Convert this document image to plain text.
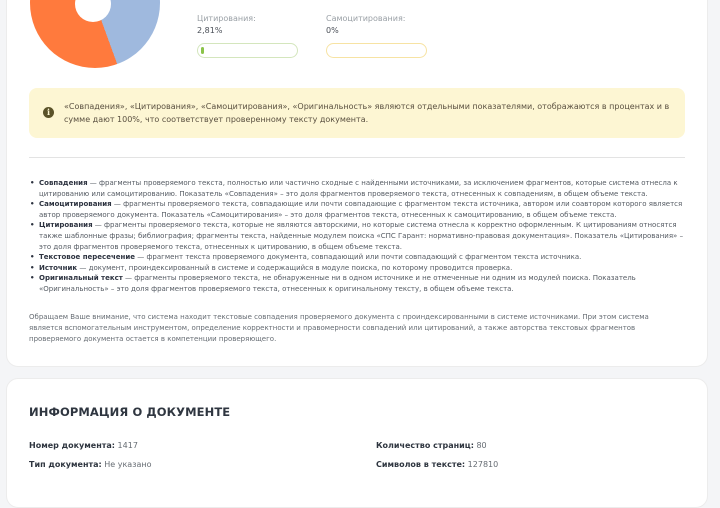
Цитирования:
2,81%
Самоцитирования:
0%
i
«Совпадения», «Цитирования», «Самоцитирования», «Оригинальность» являются отдельными показателями, отображаются в процентах и в сумме дают 100%, что соответствует проверенному тексту документа.
• Совпадения — фрагменты проверяемого текста, полностью или частично сходные с найденными источниками, за исключением фрагментов, которые система отнесла к цитированию или самоцитированию. Показатель «Совпадения» – это доля фрагментов проверяемого текста, отнесенных к совпадениям, в общем объеме текста.
• Самоцитирования — фрагменты проверяемого текста, совпадающие или почти совпадающие с фрагментом текста источника, автором или соавтором которого является автор проверяемого документа. Показатель «Самоцитирования» – это доля фрагментов текста, отнесенных к самоцитированию, в общем объеме текста.
• Цитирования — фрагменты проверяемого текста, которые не являются авторскими, но которые система отнесла к корректно оформленным. К цитированиям относятся также шаблонные фразы; библиография; фрагменты текста, найденные модулем поиска «СПС Гарант: нормативно-правовая документация». Показатель «Цитирования» – это доля фрагментов проверяемого текста, отнесенных к цитированию, в общем объеме текста.
• Текстовое пересечение — фрагмент текста проверяемого документа, совпадающий или почти совпадающий с фрагментом текста источника.
• Источник — документ, проиндексированный в системе и содержащийся в модуле поиска, по которому проводится проверка.
• Оригинальный текст — фрагменты проверяемого текста, не обнаруженные ни в одном источнике и не отмеченные ни одним из модулей поиска. Показатель «Оригинальность» – это доля фрагментов проверяемого текста, отнесенных к оригинальному тексту, в общем объеме текста.
Обращаем Ваше внимание, что система находит текстовые совпадения проверяемого документа с проиндексированными в системе источниками. При этом система является вспомогательным инструментом, определение корректности и правомерности совпадений или цитирований, а также авторства текстовых фрагментов проверяемого документа остается в компетенции проверяющего.
ИНФОРМАЦИЯ О ДОКУМЕНТЕ
Номер документа: 1417
Тип документа: Не указано
Количество страниц: 80
Символов в тексте: 127810
